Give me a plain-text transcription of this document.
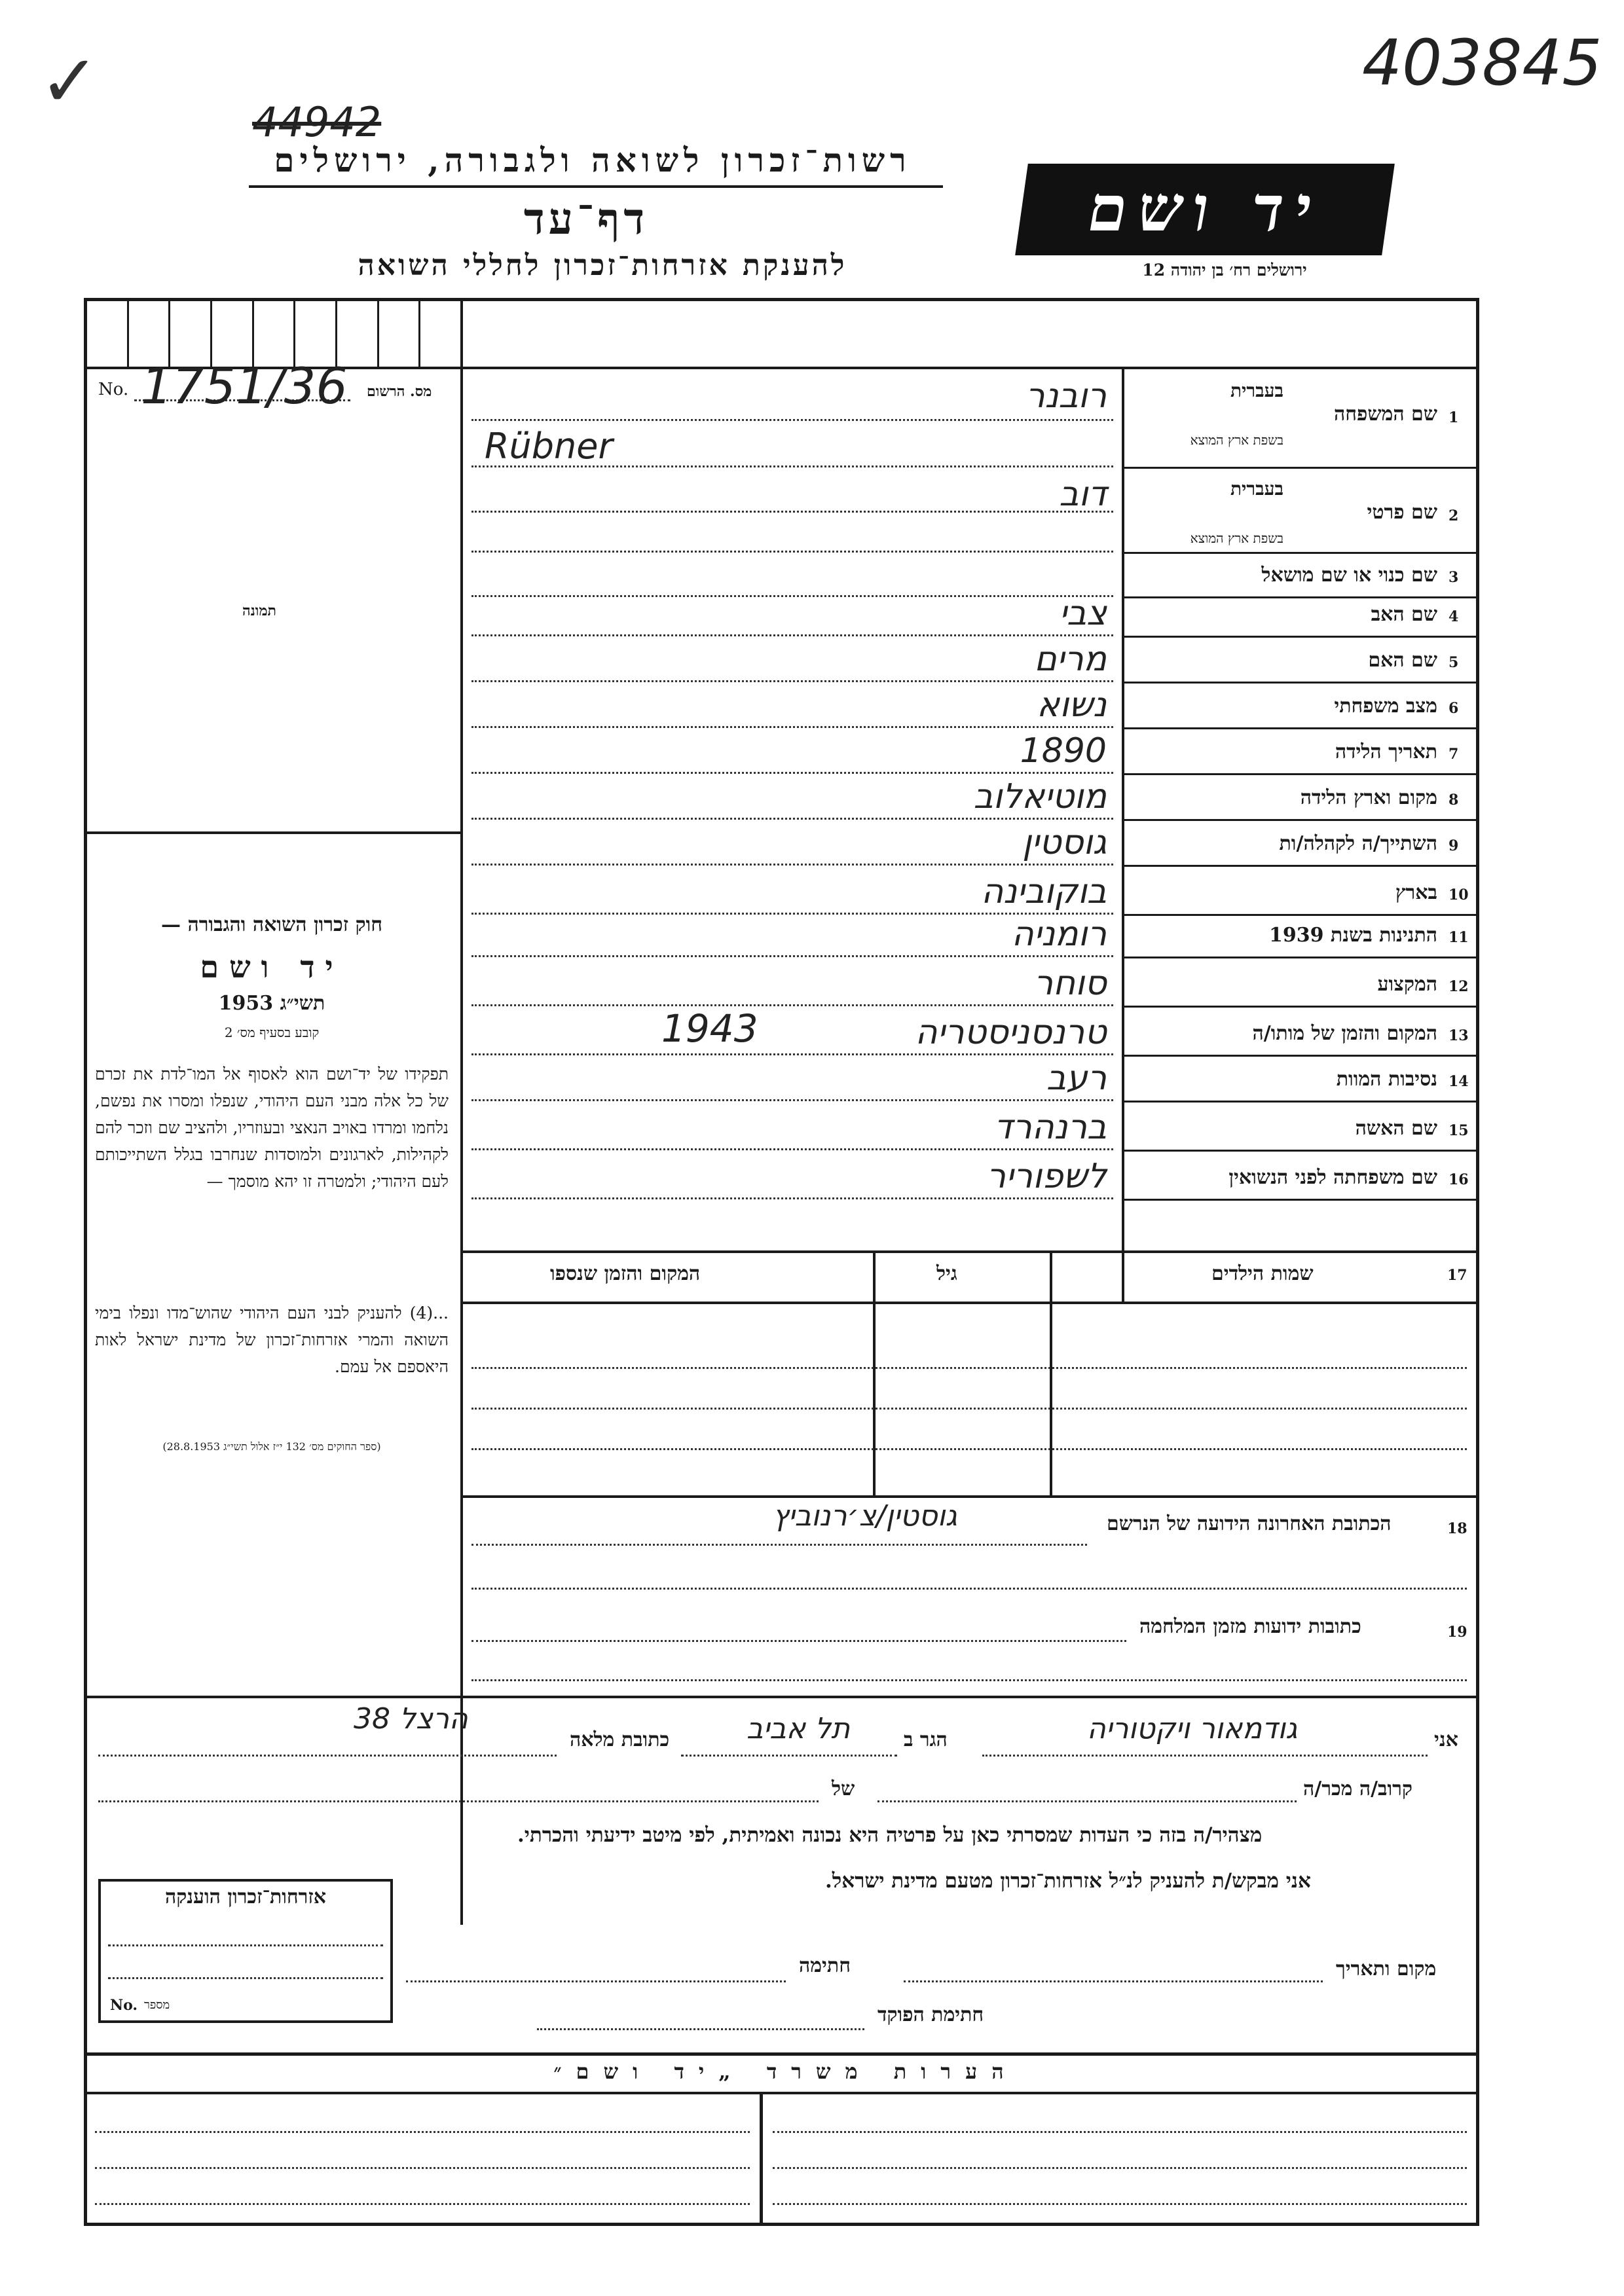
✓	44942
403845
רשות־זכרון לשואה ולגבורה, ירושלים
דף־עד
להענקת אזרחות־זכרון לחללי השואה
יד ושם
ירושלים רח׳ בן יהודה 12
No. 1751/36 מס. הרשום
תמונה
חוק זכרון השואה והגבורה —
יד ושם
תשי״ג 1953
קובע בסעיף מס׳ 2
תפקידו של יד־ושם הוא לאסוף אל המו־לדת את זכרם של כל אלה מבני העם היהודי, שנפלו ומסרו את נפשם, נלחמו ומרדו באויב הנאצי ובעוזריו, ולהציב שם וזכר להם לקהילות, לארגונים ולמוסדות שנחרבו בגלל השתייכותם לעם היהודי; ולמטרה זו יהא מוסמך —
...(4) להעניק לבני העם היהודי שהוש־מדו ונפלו בימי השואה והמרי אזרחות־זכרון של מדינת ישראל לאות היאספם אל עמם.
(ספר החוקים מס׳ 132 י״ז אלול תשי״ג 28.8.1953)
1
שם המשפחה
בעברית
בשפת ארץ המוצא
רובנר
Rübner
2
שם פרטי
בעברית
בשפת ארץ המוצא
דוב
3
שם כנוי או שם מושאל
4
שם האב
צבי
5
שם האם
מרים
6
מצב משפחתי
נשוא
7
תאריך הלידה
1890
8
מקום וארץ הלידה
מוטיאלוב
9
השתייך/ה לקהלה/ות
גוסטין
10
בארץ
בוקובינה
11
התנינות בשנת 1939
רומניה
12
המקצוע
סוחר
13
המקום והזמן של מותו/ה
טרנסניסטריה
1943
14
נסיבות המוות
רעב
15
שם האשה
ברנהרד
16
שם משפחתה לפני הנשואין
לשפוריר
17
שמות הילדים
גיל
המקום והזמן שנספו
18
הכתובת האחרונה הידועה של הנרשם
גוסטין/צ׳רנוביץ
19
כתובות ידועות מזמן המלחמה
אני
גודמאור ויקטוריה
הגר ב
תל אביב
כתובת מלאה
הרצל 38
קרוב/ה מכר/ה
של
מצהיר/ה בזה כי העדות שמסרתי כאן על פרטיה היא נכונה ואמיתית, לפי מיטב ידיעתי והכרתי.
אני מבקש/ת להעניק לנ״ל אזרחות־זכרון מטעם מדינת ישראל.
אזרחות־זכרון הוענקה
No. מספר
מקום ותאריך
חתימה
חתימת הפוקד
הערות משרד „יד ושם״
